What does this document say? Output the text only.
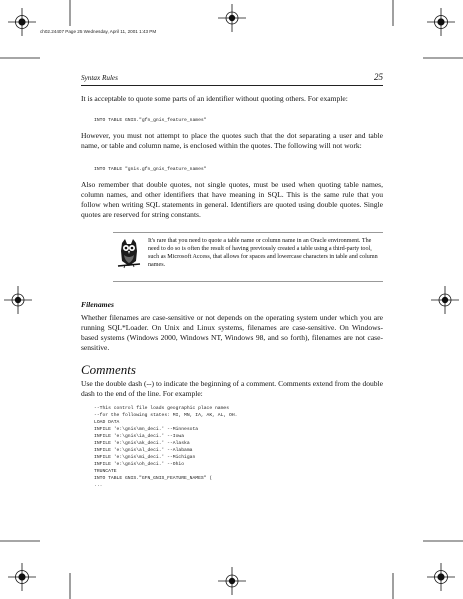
ch02.24407 Page 25 Wednesday, April 11, 2001 1:43 PM
Syntax Rules	25
It is acceptable to quote some parts of an identifier without quoting others. For example:
INTO TABLE GNIS."gfn_gnis_feature_names"
However, you must not attempt to place the quotes such that the dot separating a user and table name, or table and column name, is enclosed within the quotes. The following will not work:
INTO TABLE "gnis.gfn_gnis_feature_names"
Also remember that double quotes, not single quotes, must be used when quoting table names, column names, and other identifiers that have meaning in SQL. This is the same rule that you follow when writing SQL statements in general. Identifiers are quoted using double quotes. Single quotes are reserved for string constants.
It's rare that you need to quote a table name or column name in an Oracle environment. The need to do so is often the result of having previously created a table using a third-party tool, such as Microsoft Access, that allows for spaces and lowercase characters in table and column names.
Filenames
Whether filenames are case-sensitive or not depends on the operating system under which you are running SQL*Loader. On Unix and Linux systems, filenames are case-sensitive. On Windows-based systems (Windows 2000, Windows NT, Windows 98, and so forth), filenames are not case-sensitive.
Comments
Use the double dash (--) to indicate the beginning of a comment. Comments extend from the double dash to the end of the line. For example:
--This control file loads geographic place names
--for the following states: MI, MN, IA, AK, AL, OH.
LOAD DATA
INFILE 'e:\gnis\mn_deci.' --Minnesota
INFILE 'e:\gnis\ia_deci.' --Iowa
INFILE 'e:\gnis\ak_deci.' --Alaska
INFILE 'e:\gnis\al_deci.' --Alabama
INFILE 'e:\gnis\mi_deci.' --Michigan
INFILE 'e:\gnis\oh_deci.' --Ohio
TRUNCATE
INTO TABLE GNIS."GFN_GNIS_FEATURE_NAMES" (
...
